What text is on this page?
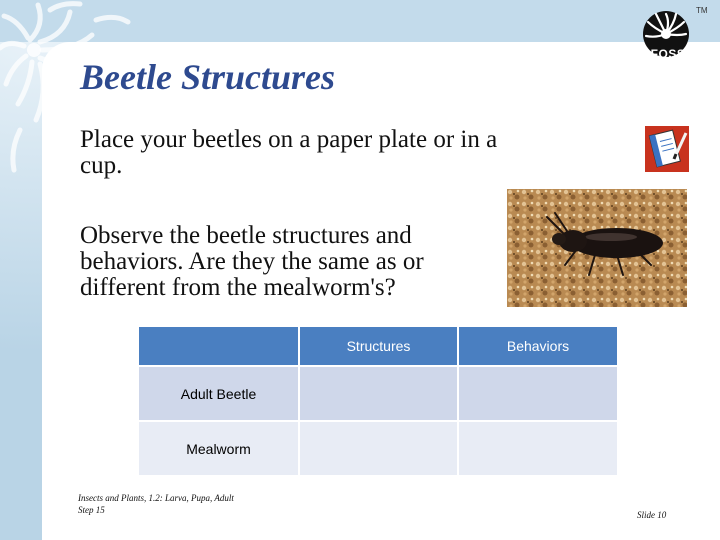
FOSS
TM
Beetle Structures
Place your beetles on a paper plate or in a cup.
Observe the beetle structures and behaviors. Are they the same as or different from the mealworm's?
	Structures	Behaviors
Adult Beetle		
Mealworm		
Insects and Plants, 1.2: Larva, Pupa, Adult
Step 15	Slide 10
